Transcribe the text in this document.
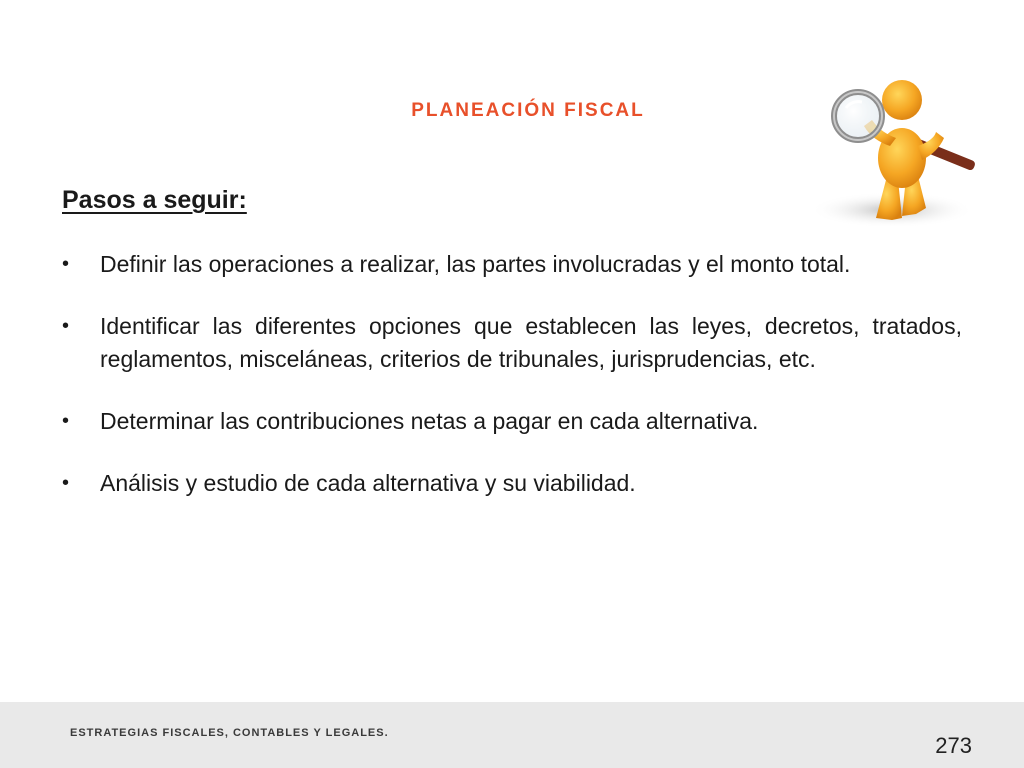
PLANEACIÓN FISCAL
Pasos a seguir:
• Definir las operaciones a realizar, las partes involucradas y el monto total.
• Identificar las diferentes opciones que establecen las leyes, decretos, tratados, reglamentos, misceláneas, criterios de tribunales, jurisprudencias, etc.
• Determinar las contribuciones netas a pagar en cada alternativa.
• Análisis y estudio de cada alternativa y su viabilidad.
ESTRATEGIAS FISCALES, CONTABLES Y LEGALES.	273
